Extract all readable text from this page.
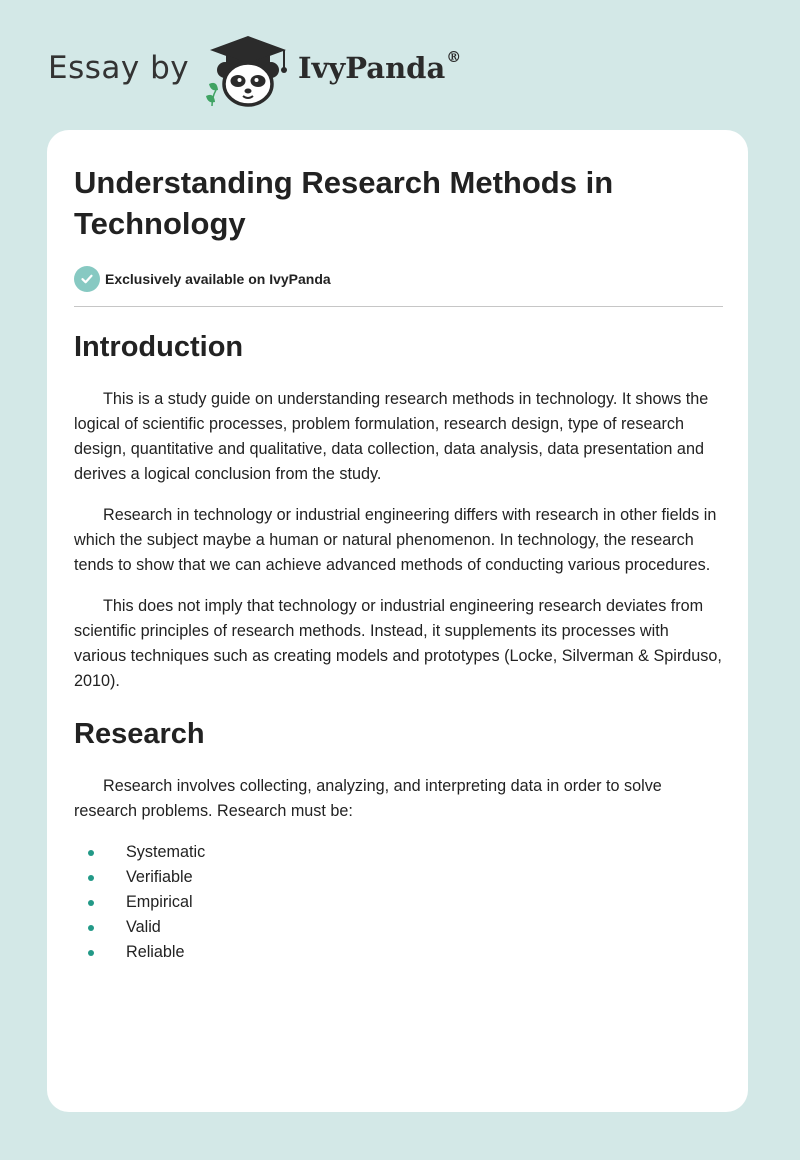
Essay by	IvyPanda®
Understanding Research Methods in Technology
Exclusively available on IvyPanda
Introduction

This is a study guide on understanding research methods in technology. It shows the logical of scientific processes, problem formulation, research design, type of research design, quantitative and qualitative, data collection, data analysis, data presentation and derives a logical conclusion from the study.

Research in technology or industrial engineering differs with research in other fields in which the subject maybe a human or natural phenomenon. In technology, the research tends to show that we can achieve advanced methods of conducting various procedures.

This does not imply that technology or industrial engineering research deviates from scientific principles of research methods. Instead, it supplements its processes with various techniques such as creating models and prototypes (Locke, Silverman & Spirduso, 2010).

Research

Research involves collecting, analyzing, and interpreting data in order to solve research problems. Research must be:

Systematic
Verifiable
Empirical
Valid
Reliable
